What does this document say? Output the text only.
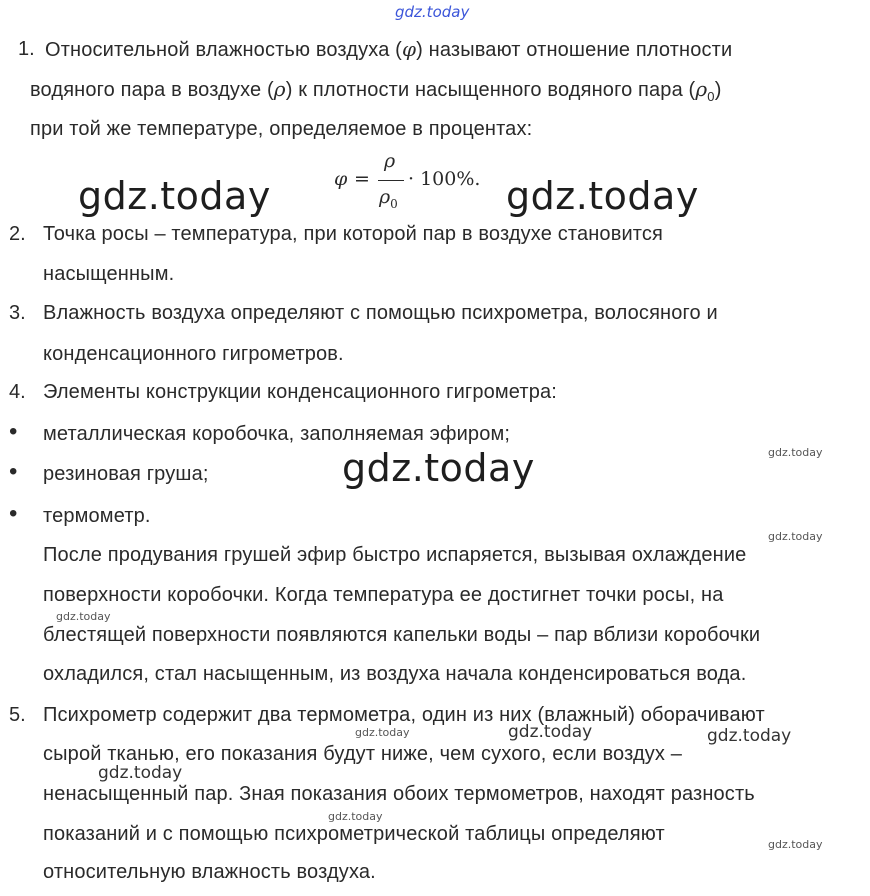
gdz.today
1. Относительной влажностью воздуха (φ) называют отношение плотности
водяного пара в воздухе (ρ) к плотности насыщенного водяного пара $(\rho_0)$
при той же температуре, определяемое в процентах:
φ =
ρ
$\rho_0$
· 100%.
gdz.today	gdz.today
2. Точка росы – температура, при которой пар в воздухе становится
насыщенным.
3. Влажность воздуха определяют с помощью психрометра, волосяного и
конденсационного гигрометров.
4. Элементы конструкции конденсационного гигрометра:
• металлическая коробочка, заполняемая эфиром;
• резиновая груша;	gdz.today	gdz.today
• термометр.
gdz.today
После продувания грушей эфир быстро испаряется, вызывая охлаждение
поверхности коробочки. Когда температура ее достигнет точки росы, на
gdz.today
блестящей поверхности появляются капельки воды – пар вблизи коробочки
охладился, стал насыщенным, из воздуха начала конденсироваться вода.
5. Психрометр содержит два термометра, один из них (влажный) оборачивают
gdz.today	gdz.today	gdz.today
сырой тканью, его показания будут ниже, чем сухого, если воздух –
gdz.today
ненасыщенный пар. Зная показания обоих термометров, находят разность
gdz.today
показаний и с помощью психрометрической таблицы определяют	gdz.today
относительную влажность воздуха.
